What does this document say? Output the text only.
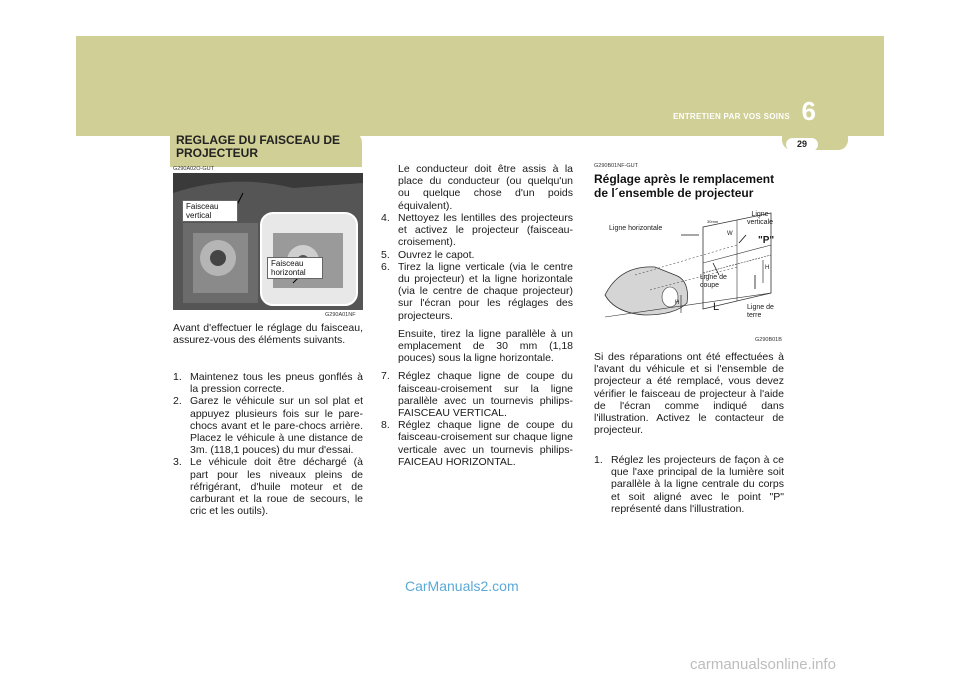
ENTRETIEN PAR VOS SOINS 6
29
REGLAGE DU FAISCEAU DE PROJECTEUR
G290A02O-GUT
Faisceau vertical
Faisceau horizontal
G290A01NF
Avant d'effectuer le réglage du faisceau, assurez-vous des éléments suivants.
1. Maintenez tous les pneus gonflés à la pression correcte.
2. Garez le véhicule sur un sol plat et appuyez plusieurs fois sur le pare-chocs avant et le pare-chocs arrière. Placez le véhicule à une distance de 3m. (118,1 pouces) du mur d'essai.
3. Le véhicule doit être déchargé (à part pour les niveaux pleins de réfrigérant, d'huile moteur et de carburant et la roue de secours, le cric et les outils).
Le conducteur doit être assis à la place du conducteur (ou quelqu'un ou quelque chose d'un poids équivalent).
4. Nettoyez les lentilles des projecteurs et activez le projecteur (faisceau-croisement).
5. Ouvrez le capot.
6. Tirez la ligne verticale (via le centre du projecteur) et la ligne horizontale (via le centre de chaque projecteur) sur l'écran pour les réglages des projecteurs.
Ensuite, tirez la ligne parallèle à un emplacement de 30 mm (1,18 pouces) sous la ligne horizontale.
7. Réglez chaque ligne de coupe du faisceau-croisement sur la ligne parallèle avec un tournevis philips-FAISCEAU VERTICAL.
8. Réglez chaque ligne de coupe du faisceau-croisement sur chaque ligne verticale avec un tournevis philips-FAICEAU HORIZONTAL.
G290B01NF-GUT
Réglage après le remplacement de l´ensemble de projecteur
Ligne horizontale
Ligne verticale
"P"
Ligne de coupe
Ligne de terre
L
H
H
W
30mm
G290B01B
Si des réparations ont été effectuées à l'avant du véhicule et si l'ensemble de projecteur a été remplacé, vous devez vérifier le faisceau de projecteur à l'aide de l'écran comme indiqué dans l'illustration. Activez le contacteur de projecteur.
1. Réglez les projecteurs de façon à ce que l'axe principal de la lumière soit parallèle à la ligne centrale du corps et soit aligné avec le point "P" représenté dans l'illustration.
CarManuals2.com
carmanualsonline.info
